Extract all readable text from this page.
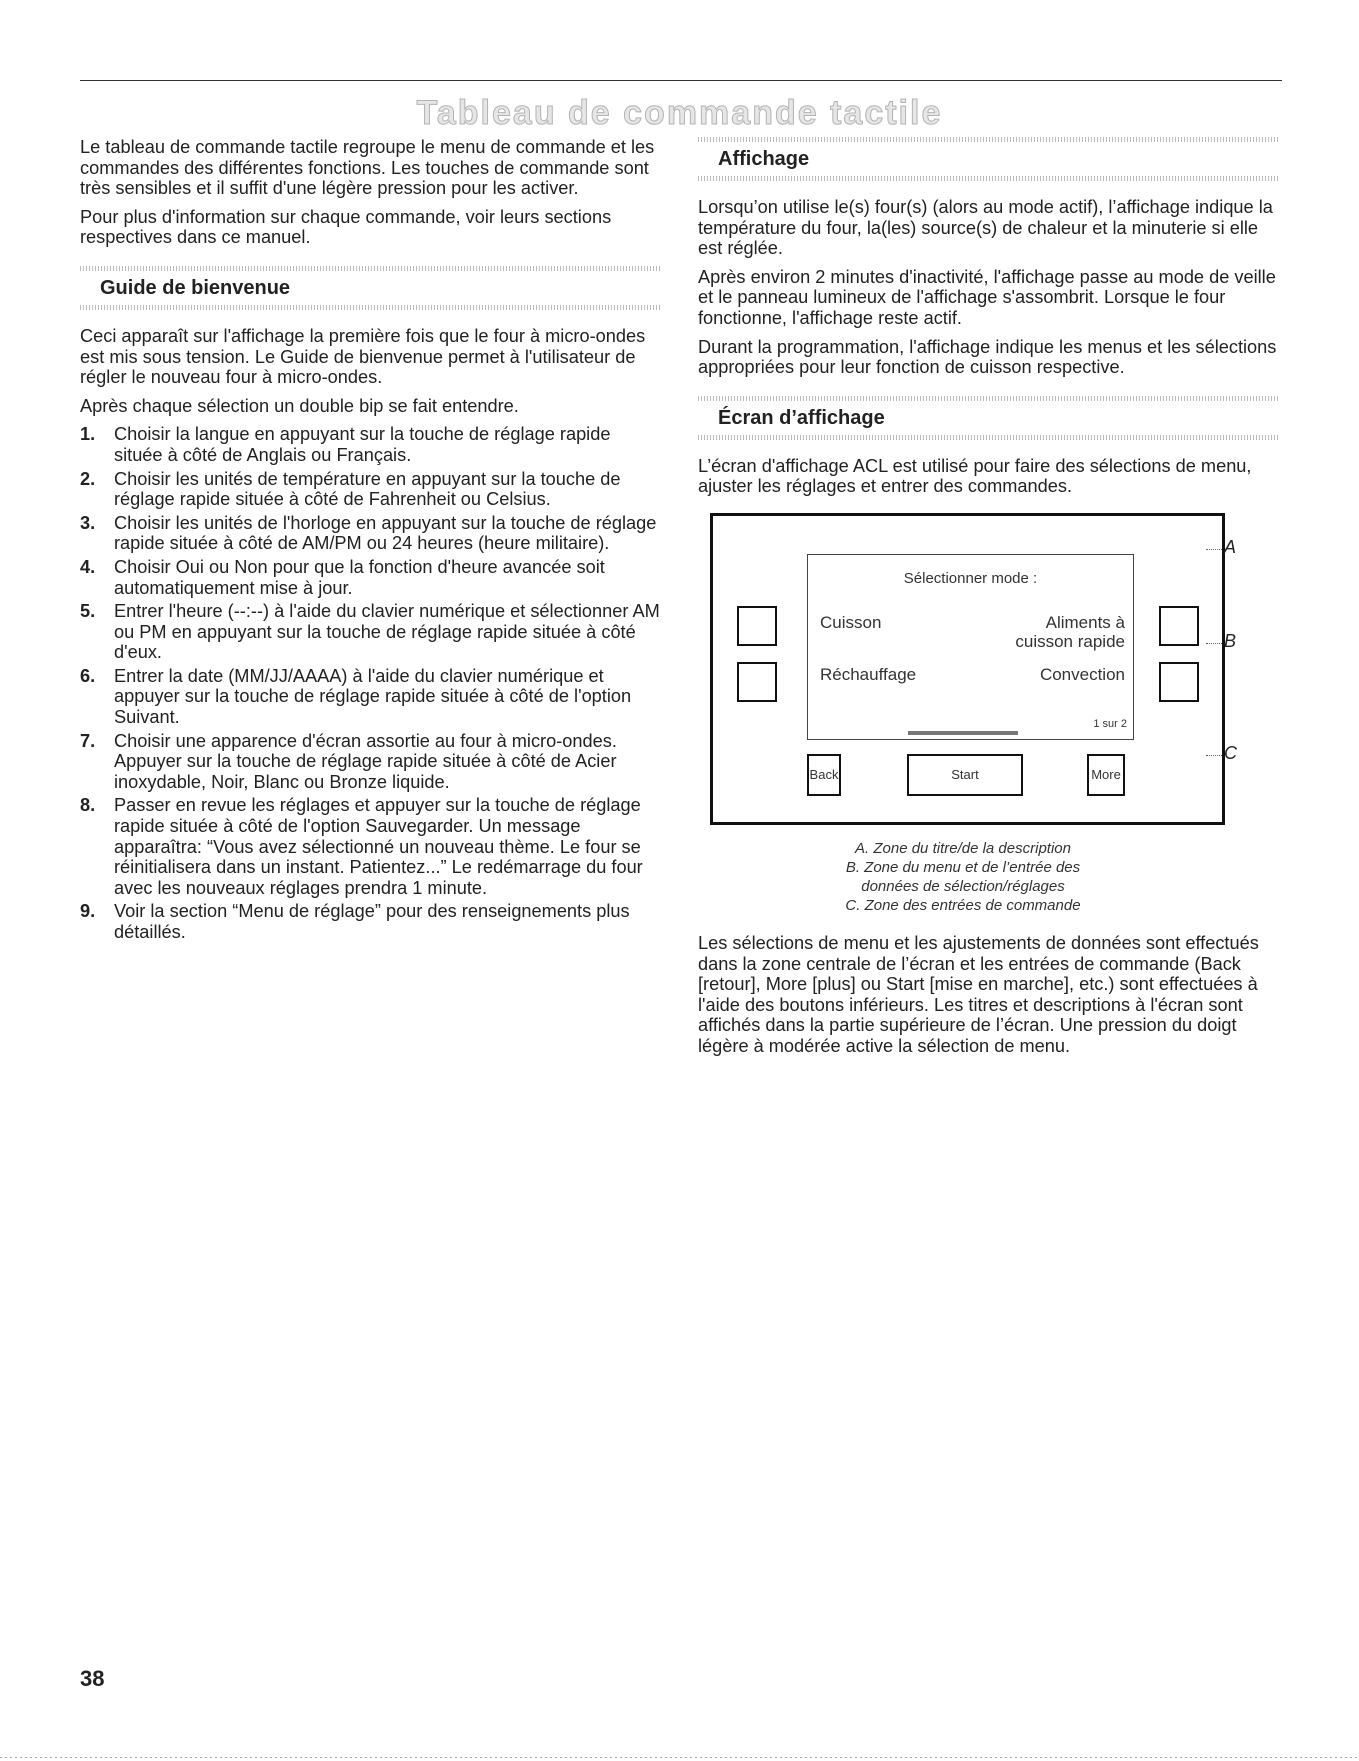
Tableau de commande tactile

Le tableau de commande tactile regroupe le menu de commande et les commandes des différentes fonctions. Les touches de commande sont très sensibles et il suffit d'une légère pression pour les activer.

Pour plus d'information sur chaque commande, voir leurs sections respectives dans ce manuel.

Guide de bienvenue

Ceci apparaît sur l'affichage la première fois que le four à micro-ondes est mis sous tension. Le Guide de bienvenue permet à l'utilisateur de régler le nouveau four à micro-ondes.

Après chaque sélection un double bip se fait entendre.

1.	Choisir la langue en appuyant sur la touche de réglage rapide située à côté de Anglais ou Français.
2.	Choisir les unités de température en appuyant sur la touche de réglage rapide située à côté de Fahrenheit ou Celsius.
3.	Choisir les unités de l'horloge en appuyant sur la touche de réglage rapide située à côté de AM/PM ou 24 heures (heure militaire).
4.	Choisir Oui ou Non pour que la fonction d'heure avancée soit automatiquement mise à jour.
5.	Entrer l'heure (--:--) à l'aide du clavier numérique et sélectionner AM ou PM en appuyant sur la touche de réglage rapide située à côté d'eux.
6.	Entrer la date (MM/JJ/AAAA) à l'aide du clavier numérique et appuyer sur la touche de réglage rapide située à côté de l'option Suivant.
7.	Choisir une apparence d'écran assortie au four à micro-ondes. Appuyer sur la touche de réglage rapide située à côté de Acier inoxydable, Noir, Blanc ou Bronze liquide.
8.	Passer en revue les réglages et appuyer sur la touche de réglage rapide située à côté de l'option Sauvegarder. Un message apparaîtra: “Vous avez sélectionné un nouveau thème. Le four se réinitialisera dans un instant. Patientez...” Le redémarrage du four avec les nouveaux réglages prendra 1 minute.
9.	Voir la section “Menu de réglage” pour des renseignements plus détaillés.
Affichage

Lorsqu’on utilise le(s) four(s) (alors au mode actif), l’affichage indique la température du four, la(les) source(s) de chaleur et la minuterie si elle est réglée.

Après environ 2 minutes d'inactivité, l'affichage passe au mode de veille et le panneau lumineux de l'affichage s'assombrit. Lorsque le four fonctionne, l'affichage reste actif.

Durant la programmation, l'affichage indique les menus et les sélections appropriées pour leur fonction de cuisson respective.

Écran d’affichage

L’écran d'affichage ACL est utilisé pour faire des sélections de menu, ajuster les réglages et entrer des commandes.

Sélectionner mode :
Cuisson	Aliments à
cuisson rapide
Réchauffage	Convection
1 sur 2
Back	Start	More
A
B
C
A. Zone du titre/de la description
B. Zone du menu et de l’entrée des
données de sélection/réglages
C. Zone des entrées de commande

Les sélections de menu et les ajustements de données sont effectués dans la zone centrale de l’écran et les entrées de commande (Back [retour], More [plus] ou Start [mise en marche], etc.) sont effectuées à l'aide des boutons inférieurs. Les titres et descriptions à l'écran sont affichés dans la partie supérieure de l’écran. Une pression du doigt légère à modérée active la sélection de menu.

38
